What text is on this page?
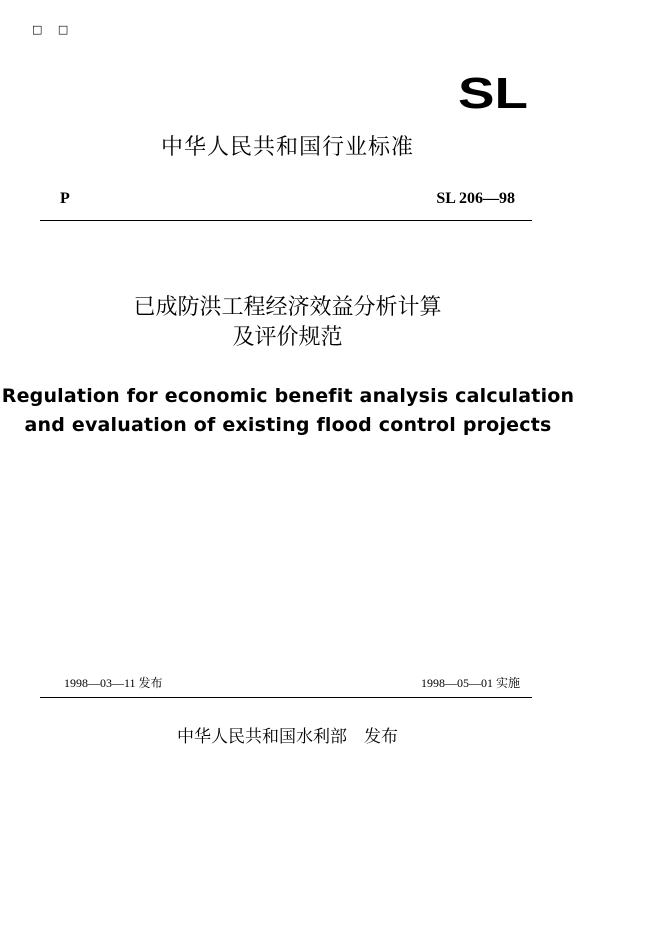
□ □
SL
中华人民共和国行业标准
P	SL 206—98
已成防洪工程经济效益分析计算
及评价规范
Regulation for economic benefit analysis calculation
and evaluation of existing flood control projects
1998—03—11 发布	1998—05—01 实施
中华人民共和国水利部　发布
